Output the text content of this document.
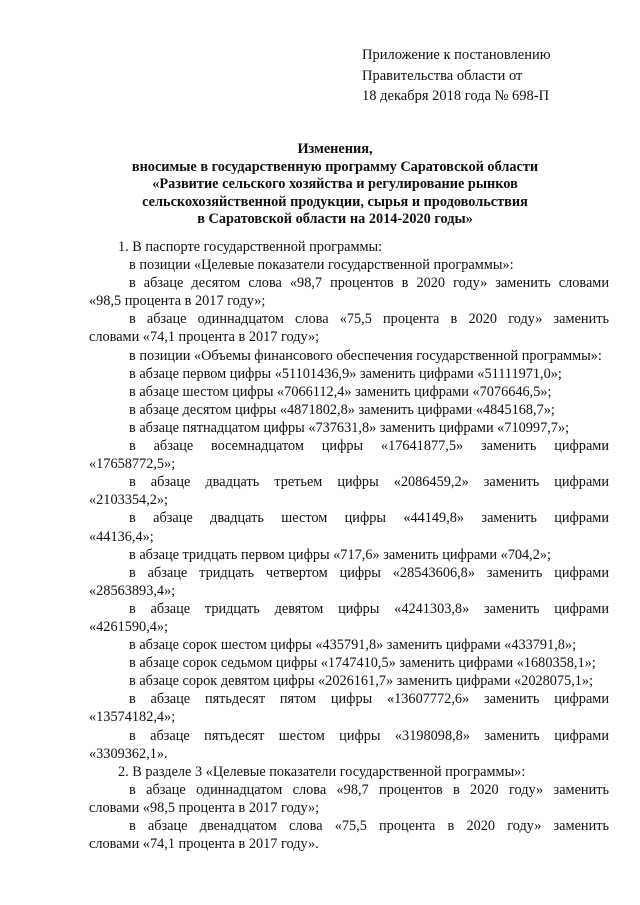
Приложение к постановлению
Правительства области от
18 декабря 2018 года № 698-П
Изменения,
вносимые в государственную программу Саратовской области
«Развитие сельского хозяйства и регулирование рынков
сельскохозяйственной продукции, сырья и продовольствия
в Саратовской области на 2014-2020 годы»
1. В паспорте государственной программы:
в позиции «Целевые показатели государственной программы»:
в абзаце десятом слова «98,7 процентов в 2020 году» заменить словами
«98,5 процента в 2017 году»;
в абзаце одиннадцатом слова «75,5 процента в 2020 году» заменить
словами «74,1 процента в 2017 году»;
в позиции «Объемы финансового обеспечения государственной программы»:
в абзаце первом цифры «51101436,9» заменить цифрами «51111971,0»;
в абзаце шестом цифры «7066112,4» заменить цифрами «7076646,5»;
в абзаце десятом цифры «4871802,8» заменить цифрами «4845168,7»;
в абзаце пятнадцатом цифры «737631,8» заменить цифрами «710997,7»;
в абзаце восемнадцатом цифры «17641877,5» заменить цифрами
«17658772,5»;
в абзаце двадцать третьем цифры «2086459,2» заменить цифрами
«2103354,2»;
в абзаце двадцать шестом цифры «44149,8» заменить цифрами
«44136,4»;
в абзаце тридцать первом цифры «717,6» заменить цифрами «704,2»;
в абзаце тридцать четвертом цифры «28543606,8» заменить цифрами
«28563893,4»;
в абзаце тридцать девятом цифры «4241303,8» заменить цифрами
«4261590,4»;
в абзаце сорок шестом цифры «435791,8» заменить цифрами «433791,8»;
в абзаце сорок седьмом цифры «1747410,5» заменить цифрами «1680358,1»;
в абзаце сорок девятом цифры «2026161,7» заменить цифрами «2028075,1»;
в абзаце пятьдесят пятом цифры «13607772,6» заменить цифрами
«13574182,4»;
в абзаце пятьдесят шестом цифры «3198098,8» заменить цифрами
«3309362,1».
2. В разделе 3 «Целевые показатели государственной программы»:
в абзаце одиннадцатом слова «98,7 процентов в 2020 году» заменить
словами «98,5 процента в 2017 году»;
в абзаце двенадцатом слова «75,5 процента в 2020 году» заменить
словами «74,1 процента в 2017 году».
